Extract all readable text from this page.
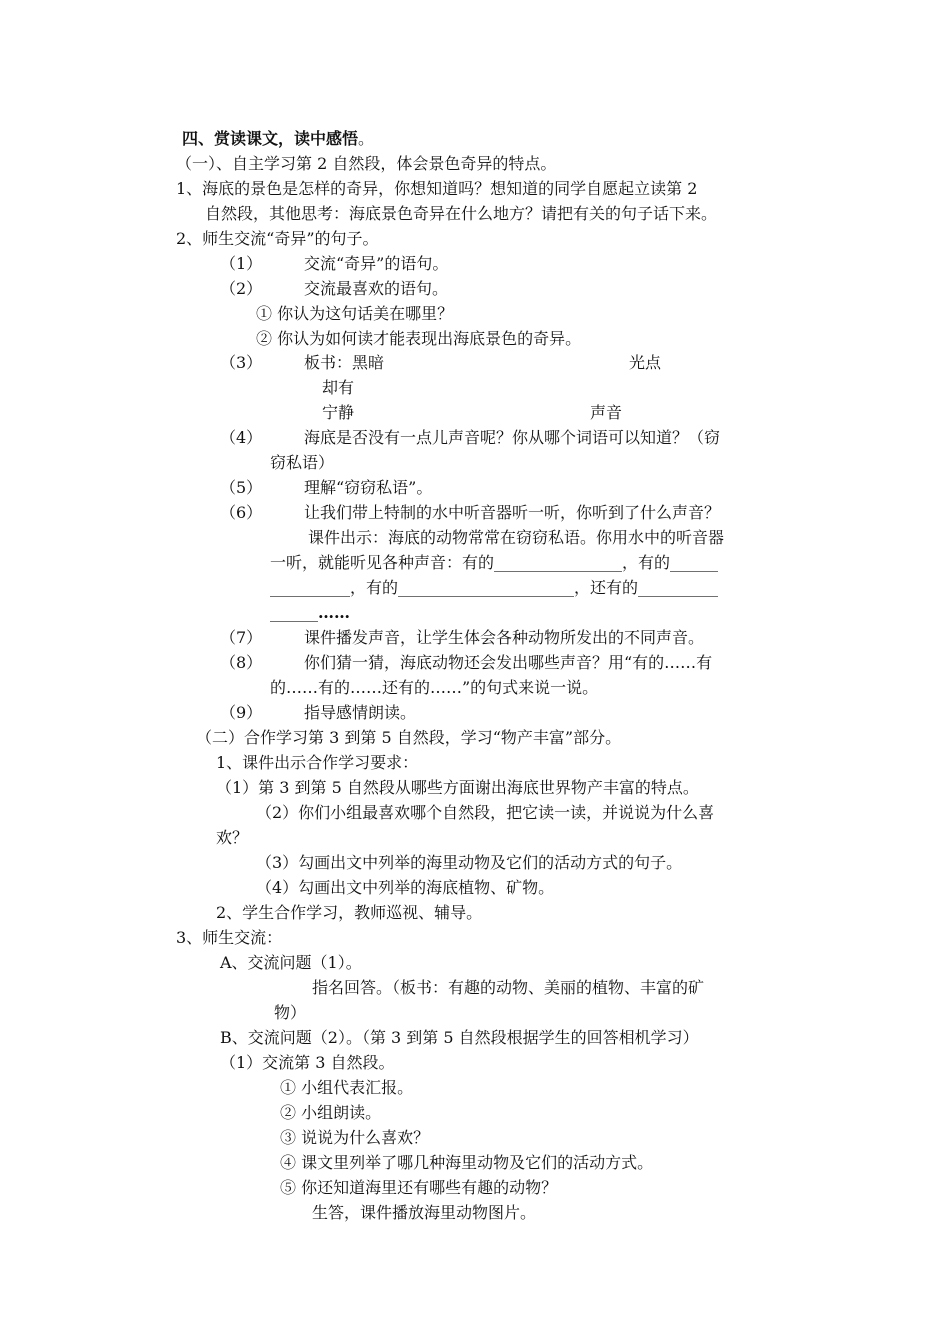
四、赏读课文，读中感悟。
（一）、自主学习第 2 自然段，体会景色奇异的特点。
1、海底的景色是怎样的奇异，你想知道吗？想知道的同学自愿起立读第 2
自然段，其他思考：海底景色奇异在什么地方？请把有关的句子话下来。
2、师生交流“奇异”的句子。
（1）	交流“奇异”的语句。
（2）	交流最喜欢的语句。
① 你认为这句话美在哪里？
② 你认为如何读才能表现出海底景色的奇异。
（3）	板书：黑暗	光点
却有
宁静	声音
（4）	海底是否没有一点儿声音呢？你从哪个词语可以知道？（窃
窃私语）
（5）	理解“窃窃私语”。
（6）	让我们带上特制的水中听音器听一听，你听到了什么声音？
课件出示：海底的动物常常在窃窃私语。你用水中的听音器
一听，就能听见各种声音：有的________________，有的______
__________，有的______________________，还有的__________
______……
（7）	课件播发声音，让学生体会各种动物所发出的不同声音。
（8）	你们猜一猜，海底动物还会发出哪些声音？用“有的……有
的……有的……还有的……”的句式来说一说。
（9）	指导感情朗读。
（二）合作学习第 3 到第 5 自然段，学习“物产丰富”部分。
1、课件出示合作学习要求：
（1）第 3 到第 5 自然段从哪些方面谢出海底世界物产丰富的特点。
（2）你们小组最喜欢哪个自然段，把它读一读，并说说为什么喜
欢？
（3）勾画出文中列举的海里动物及它们的活动方式的句子。
（4）勾画出文中列举的海底植物、矿物。
2、学生合作学习，教师巡视、辅导。
3、师生交流：
A、交流问题（1）。
指名回答。（板书：有趣的动物、美丽的植物、丰富的矿
物）
B、交流问题（2）。（第 3 到第 5 自然段根据学生的回答相机学习）
（1）交流第 3 自然段。
① 小组代表汇报。
② 小组朗读。
③ 说说为什么喜欢？
④ 课文里列举了哪几种海里动物及它们的活动方式。
⑤ 你还知道海里还有哪些有趣的动物？
生答，课件播放海里动物图片。
